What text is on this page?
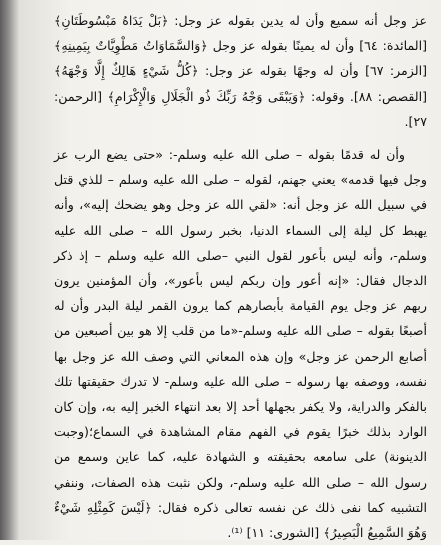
عز وجل أنه سميع وأن له يدين بقوله عز وجل: ﴿بَلْ يَدَاهُ مَبْسُوطَتَانِ﴾ [المائدة: ٦٤] وأن له يمينًا بقوله عز وجل ﴿وَالسَّمَاوَاتُ مَطْوِيَّاتٌ بِيَمِينِهِ﴾ [الزمر: ٦٧] وأن له وجهًا بقوله عز وجل: ﴿كُلُّ شَيْءٍ هَالِكٌ إِلَّا وَجْهَهُ﴾ [القصص: ٨٨]. وقوله: ﴿وَيَبْقَى وَجْهُ رَبِّكَ ذُو الْجَلَالِ وَالْإِكْرَامِ﴾ [الرحمن: ٢٧].

وأن له قدمًا بقوله – صلى الله عليه وسلم-: «حتى يضع الرب عز وجل فيها قدمه» يعني جهنم، لقوله – صلى الله عليه وسلم – للذي قتل في سبيل الله عز وجل أنه: «لقي الله عز وجل وهو يضحك إليه»، وأنه يهبط كل ليلة إلى السماء الدنيا، بخبر رسول الله – صلى الله عليه وسلم-، وأنه ليس بأعور لقول النبي –صلى الله عليه وسلم – إذ ذكر الدجال فقال: «إنه أعور وإن ربكم ليس بأعور»، وأن المؤمنين يرون ربهم عز وجل يوم القيامة بأبصارهم كما يرون القمر ليلة البدر وأن له أصبعًا بقوله – صلى الله عليه وسلم-«ما من قلب إلا هو بين أصبعين من أصابع الرحمن عز وجل» وإن هذه المعاني التي وصف الله عز وجل بها نفسه، ووصفه بها رسوله – صلى الله عليه وسلم- لا تدرك حقيقتها تلك بالفكر والدراية، ولا يكفر بجهلها أحد إلا بعد انتهاء الخبر إليه به، وإن كان الوارد بذلك خبرًا يقوم في الفهم مقام المشاهدة في السماع؛(وجبت الدينونة) على سامعه بحقيقته و الشهادة عليه، كما عاين وسمع من رسول الله – صلى الله عليه وسلم-، ولكن نثبت هذه الصفات، وننفي التشبيه كما نفى ذلك عن نفسه تعالى ذكره فقال: ﴿لَيْسَ كَمِثْلِهِ شَيْءٌ وَهُوَ السَّمِيعُ الْبَصِيرُ﴾ [الشورى: ١١] ⁽¹⁾.
